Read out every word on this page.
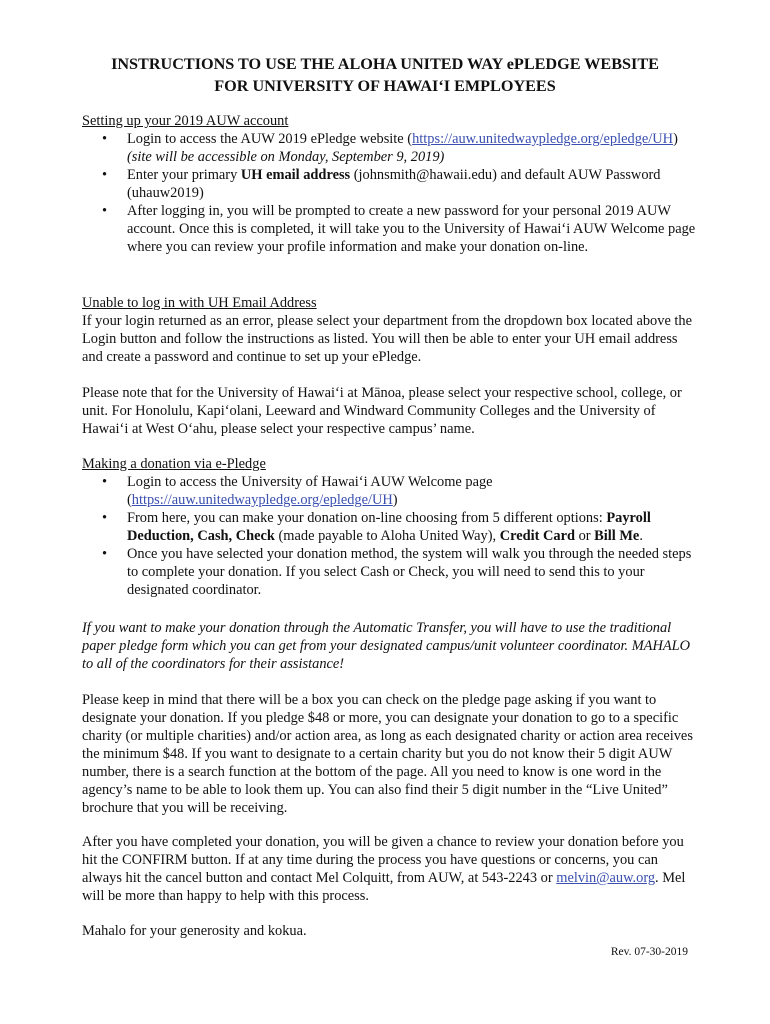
INSTRUCTIONS TO USE THE ALOHA UNITED WAY ePLEDGE WEBSITE
FOR UNIVERSITY OF HAWAI‘I EMPLOYEES
Setting up your 2019 AUW account
• Login to access the AUW 2019 ePledge website (https://auw.unitedwaypledge.org/epledge/UH)
(site will be accessible on Monday, September 9, 2019)
• Enter your primary UH email address (johnsmith@hawaii.edu) and default AUW Password (uhauw2019)
• After logging in, you will be prompted to create a new password for your personal 2019 AUW account. Once this is completed, it will take you to the University of Hawai‘i AUW Welcome page where you can review your profile information and make your donation on-line.
Unable to log in with UH Email Address
If your login returned as an error, please select your department from the dropdown box located above the Login button and follow the instructions as listed. You will then be able to enter your UH email address and create a password and continue to set up your ePledge.
Please note that for the University of Hawai‘i at Mānoa, please select your respective school, college, or unit. For Honolulu, Kapi‘olani, Leeward and Windward Community Colleges and the University of Hawai‘i at West O‘ahu, please select your respective campus’ name.
Making a donation via e-Pledge
• Login to access the University of Hawai‘i AUW Welcome page
(https://auw.unitedwaypledge.org/epledge/UH)
• From here, you can make your donation on-line choosing from 5 different options: Payroll Deduction, Cash, Check (made payable to Aloha United Way), Credit Card or Bill Me.
• Once you have selected your donation method, the system will walk you through the needed steps to complete your donation. If you select Cash or Check, you will need to send this to your designated coordinator.
If you want to make your donation through the Automatic Transfer, you will have to use the traditional paper pledge form which you can get from your designated campus/unit volunteer coordinator. MAHALO to all of the coordinators for their assistance!
Please keep in mind that there will be a box you can check on the pledge page asking if you want to designate your donation. If you pledge $48 or more, you can designate your donation to go to a specific charity (or multiple charities) and/or action area, as long as each designated charity or action area receives the minimum $48. If you want to designate to a certain charity but you do not know their 5 digit AUW number, there is a search function at the bottom of the page. All you need to know is one word in the agency’s name to be able to look them up. You can also find their 5 digit number in the “Live United” brochure that you will be receiving.
After you have completed your donation, you will be given a chance to review your donation before you hit the CONFIRM button. If at any time during the process you have questions or concerns, you can always hit the cancel button and contact Mel Colquitt, from AUW, at 543-2243 or melvin@auw.org. Mel will be more than happy to help with this process.
Mahalo for your generosity and kokua.
Rev. 07-30-2019
